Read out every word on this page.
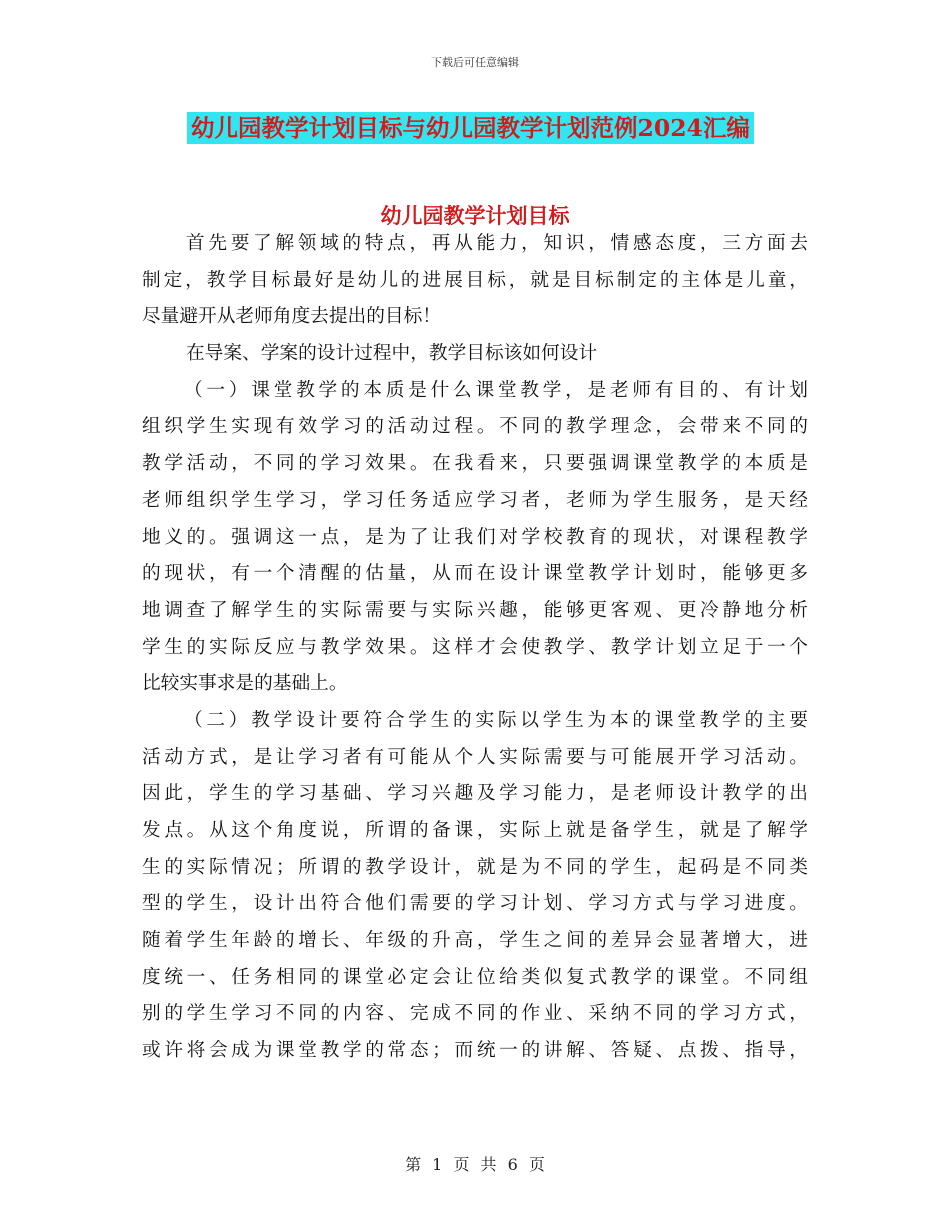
下载后可任意编辑
幼儿园教学计划目标与幼儿园教学计划范例2024汇编
幼儿园教学计划目标
首先要了解领域的特点，再从能力，知识，情感态度，三方面去
制定，教学目标最好是幼儿的进展目标，就是目标制定的主体是儿童，
尽量避开从老师角度去提出的目标！
在导案、学案的设计过程中，教学目标该如何设计
（一）课堂教学的本质是什么课堂教学，是老师有目的、有计划
组织学生实现有效学习的活动过程。不同的教学理念，会带来不同的
教学活动，不同的学习效果。在我看来，只要强调课堂教学的本质是
老师组织学生学习，学习任务适应学习者，老师为学生服务，是天经
地义的。强调这一点，是为了让我们对学校教育的现状，对课程教学
的现状，有一个清醒的估量，从而在设计课堂教学计划时，能够更多
地调查了解学生的实际需要与实际兴趣，能够更客观、更冷静地分析
学生的实际反应与教学效果。这样才会使教学、教学计划立足于一个
比较实事求是的基础上。
（二）教学设计要符合学生的实际以学生为本的课堂教学的主要
活动方式，是让学习者有可能从个人实际需要与可能展开学习活动。
因此，学生的学习基础、学习兴趣及学习能力，是老师设计教学的出
发点。从这个角度说，所谓的备课，实际上就是备学生，就是了解学
生的实际情况；所谓的教学设计，就是为不同的学生，起码是不同类
型的学生，设计出符合他们需要的学习计划、学习方式与学习进度。
随着学生年龄的增长、年级的升高，学生之间的差异会显著增大，进
度统一、任务相同的课堂必定会让位给类似复式教学的课堂。不同组
别的学生学习不同的内容、完成不同的作业、采纳不同的学习方式，
或许将会成为课堂教学的常态；而统一的讲解、答疑、点拨、指导，
第 1 页 共 6 页
